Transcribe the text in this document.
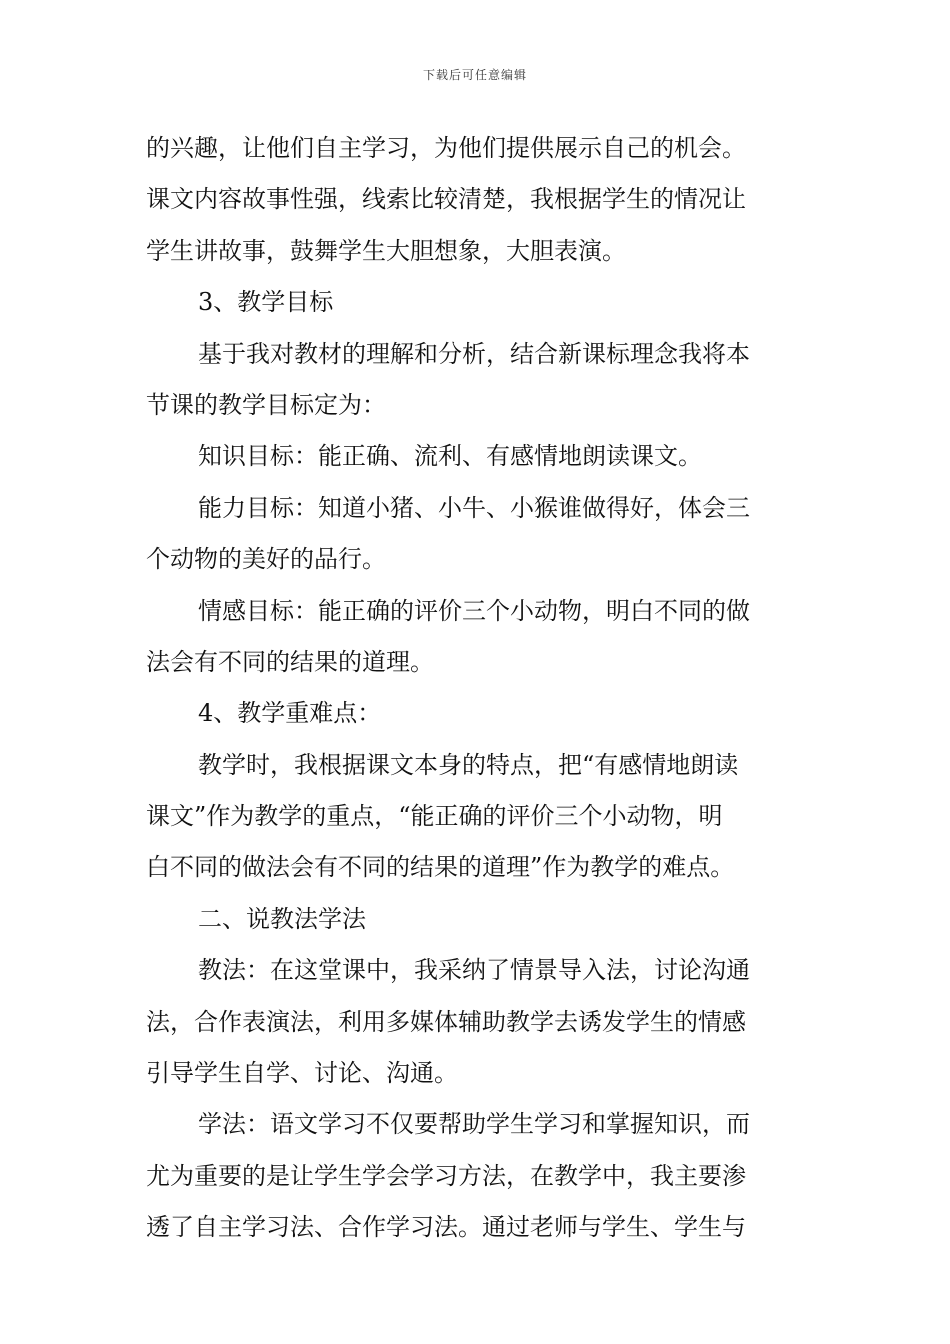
下载后可任意编辑
的兴趣，让他们自主学习，为他们提供展示自己的机会。
课文内容故事性强，线索比较清楚，我根据学生的情况让
学生讲故事，鼓舞学生大胆想象，大胆表演。
3、教学目标
基于我对教材的理解和分析，结合新课标理念我将本
节课的教学目标定为：
知识目标：能正确、流利、有感情地朗读课文。
能力目标：知道小猪、小牛、小猴谁做得好，体会三
个动物的美好的品行。
情感目标：能正确的评价三个小动物，明白不同的做
法会有不同的结果的道理。
4、教学重难点：
教学时，我根据课文本身的特点，把“有感情地朗读
课文”作为教学的重点，“能正确的评价三个小动物，明
白不同的做法会有不同的结果的道理”作为教学的难点。
二、说教法学法
教法：在这堂课中，我采纳了情景导入法，讨论沟通
法，合作表演法，利用多媒体辅助教学去诱发学生的情感
引导学生自学、讨论、沟通。
学法：语文学习不仅要帮助学生学习和掌握知识，而
尤为重要的是让学生学会学习方法，在教学中，我主要渗
透了自主学习法、合作学习法。通过老师与学生、学生与
